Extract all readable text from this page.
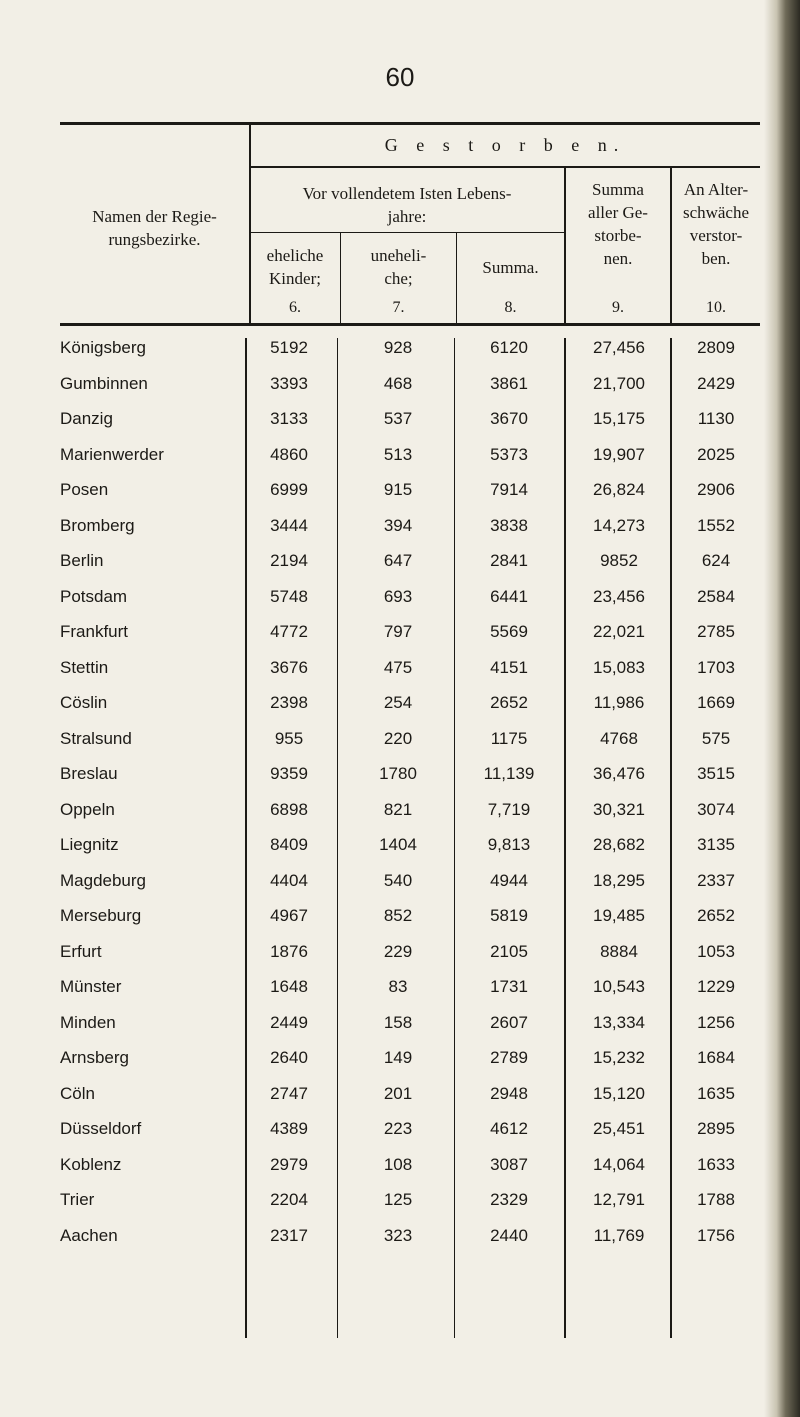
60
G e s t o r b e n.
Namen der Regie-
rungsbezirke.
Vor vollendetem Isten Lebens-
jahre:
eheliche
Kinder;
uneheli-
che;
Summa.
Summa
aller Ge-
storbe-
nen.
An Alter-
schwäche
verstor-
ben.
6.	7.	8.	9.	10.
Königsberg	5192	928	6120	27,456	2809
Gumbinnen	3393	468	3861	21,700	2429
Danzig	3133	537	3670	15,175	1130
Marienwerder	4860	513	5373	19,907	2025
Posen	6999	915	7914	26,824	2906
Bromberg	3444	394	3838	14,273	1552
Berlin	2194	647	2841	9852	624
Potsdam	5748	693	6441	23,456	2584
Frankfurt	4772	797	5569	22,021	2785
Stettin	3676	475	4151	15,083	1703
Cöslin	2398	254	2652	11,986	1669
Stralsund	955	220	1175	4768	575
Breslau	9359	1780	11,139	36,476	3515
Oppeln	6898	821	7,719	30,321	3074
Liegnitz	8409	1404	9,813	28,682	3135
Magdeburg	4404	540	4944	18,295	2337
Merseburg	4967	852	5819	19,485	2652
Erfurt	1876	229	2105	8884	1053
Münster	1648	83	1731	10,543	1229
Minden	2449	158	2607	13,334	1256
Arnsberg	2640	149	2789	15,232	1684
Cöln	2747	201	2948	15,120	1635
Düsseldorf	4389	223	4612	25,451	2895
Koblenz	2979	108	3087	14,064	1633
Trier	2204	125	2329	12,791	1788
Aachen	2317	323	2440	11,769	1756
